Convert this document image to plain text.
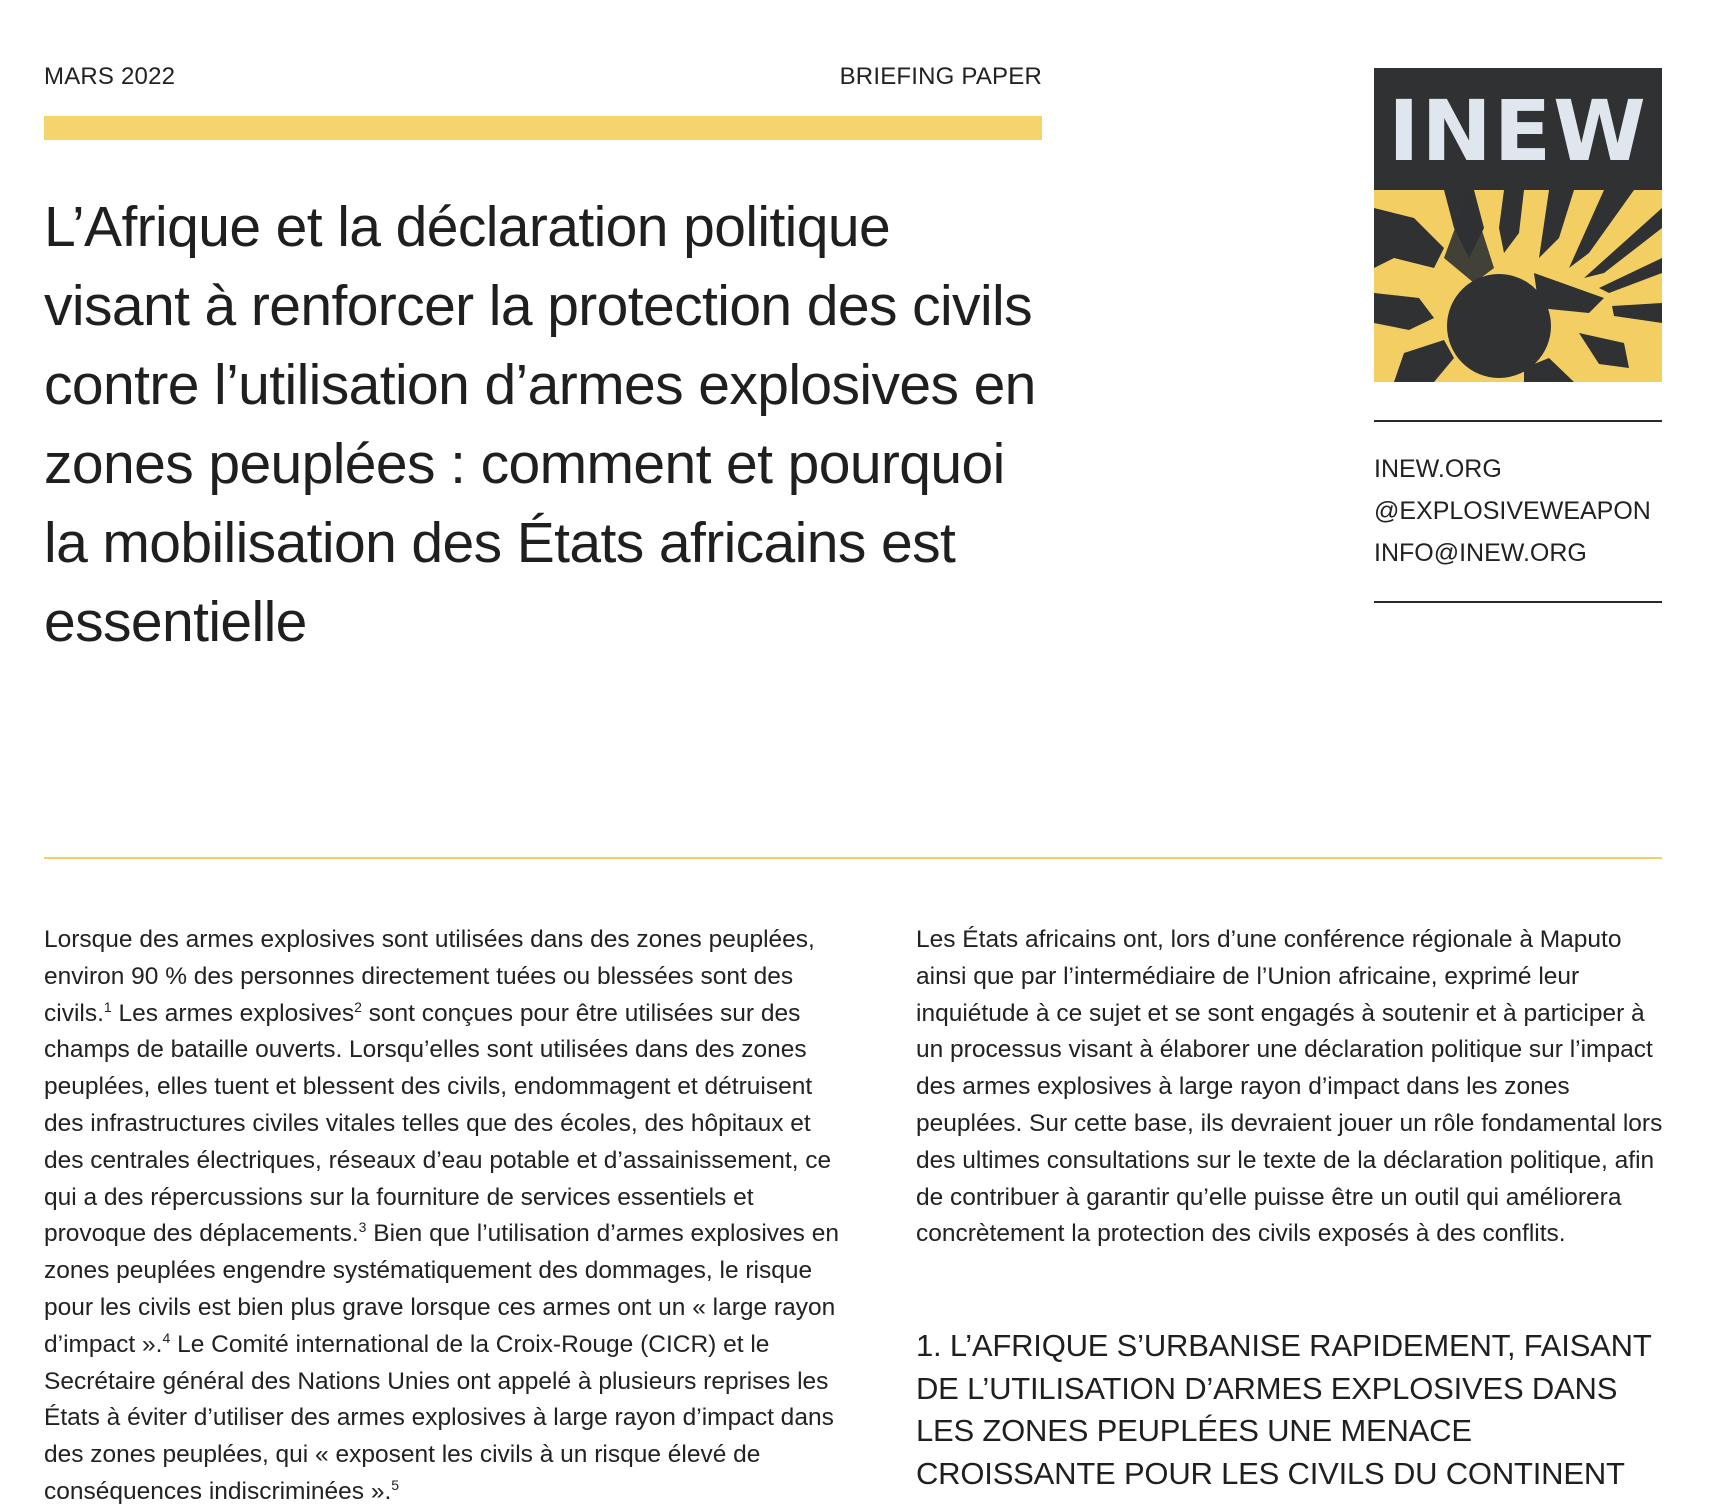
MARS 2022	BRIEFING PAPER
L’Afrique et la déclaration politique visant à renforcer la protection des civils contre l’utilisation d’armes explosives en zones peuplées : comment et pourquoi la mobilisation des États africains est essentielle
INEW
INEW.ORG
@EXPLOSIVEWEAPON
INFO@INEW.ORG

Lorsque des armes explosives sont utilisées dans des zones peuplées, environ 90 % des personnes directement tuées ou blessées sont des civils.$^1$ Les armes explosives$^2$ sont conçues pour être utilisées sur des champs de bataille ouverts. Lorsqu’elles sont utilisées dans des zones peuplées, elles tuent et blessent des civils, endommagent et détruisent des infrastructures civiles vitales telles que des écoles, des hôpitaux et des centrales électriques, réseaux d’eau potable et d’assainissement, ce qui a des répercussions sur la fourniture de services essentiels et provoque des déplacements.$^3$ Bien que l’utilisation d’armes explosives en zones peuplées engendre systématiquement des dommages, le risque pour les civils est bien plus grave lorsque ces armes ont un « large rayon d’impact ».$^4$ Le Comité international de la Croix-Rouge (CICR) et le Secrétaire général des Nations Unies ont appelé à plusieurs reprises les États à éviter d’utiliser des armes explosives à large rayon d’impact dans des zones peuplées, qui « exposent les civils à un risque élevé de conséquences indiscriminées ».$^5$

Les États africains ont, lors d’une conférence régionale à Maputo ainsi que par l’intermédiaire de l’Union africaine, exprimé leur inquiétude à ce sujet et se sont engagés à soutenir et à participer à un processus visant à élaborer une déclaration politique sur l’impact des armes explosives à large rayon d’impact dans les zones peuplées. Sur cette base, ils devraient jouer un rôle fondamental lors des ultimes consultations sur le texte de la déclaration politique, afin de contribuer à garantir qu’elle puisse être un outil qui améliorera concrètement la protection des civils exposés à des conflits.

1. L’AFRIQUE S’URBANISE RAPIDEMENT, FAISANT DE L’UTILISATION D’ARMES EXPLOSIVES DANS LES ZONES PEUPLÉES UNE MENACE CROISSANTE POUR LES CIVILS DU CONTINENT
